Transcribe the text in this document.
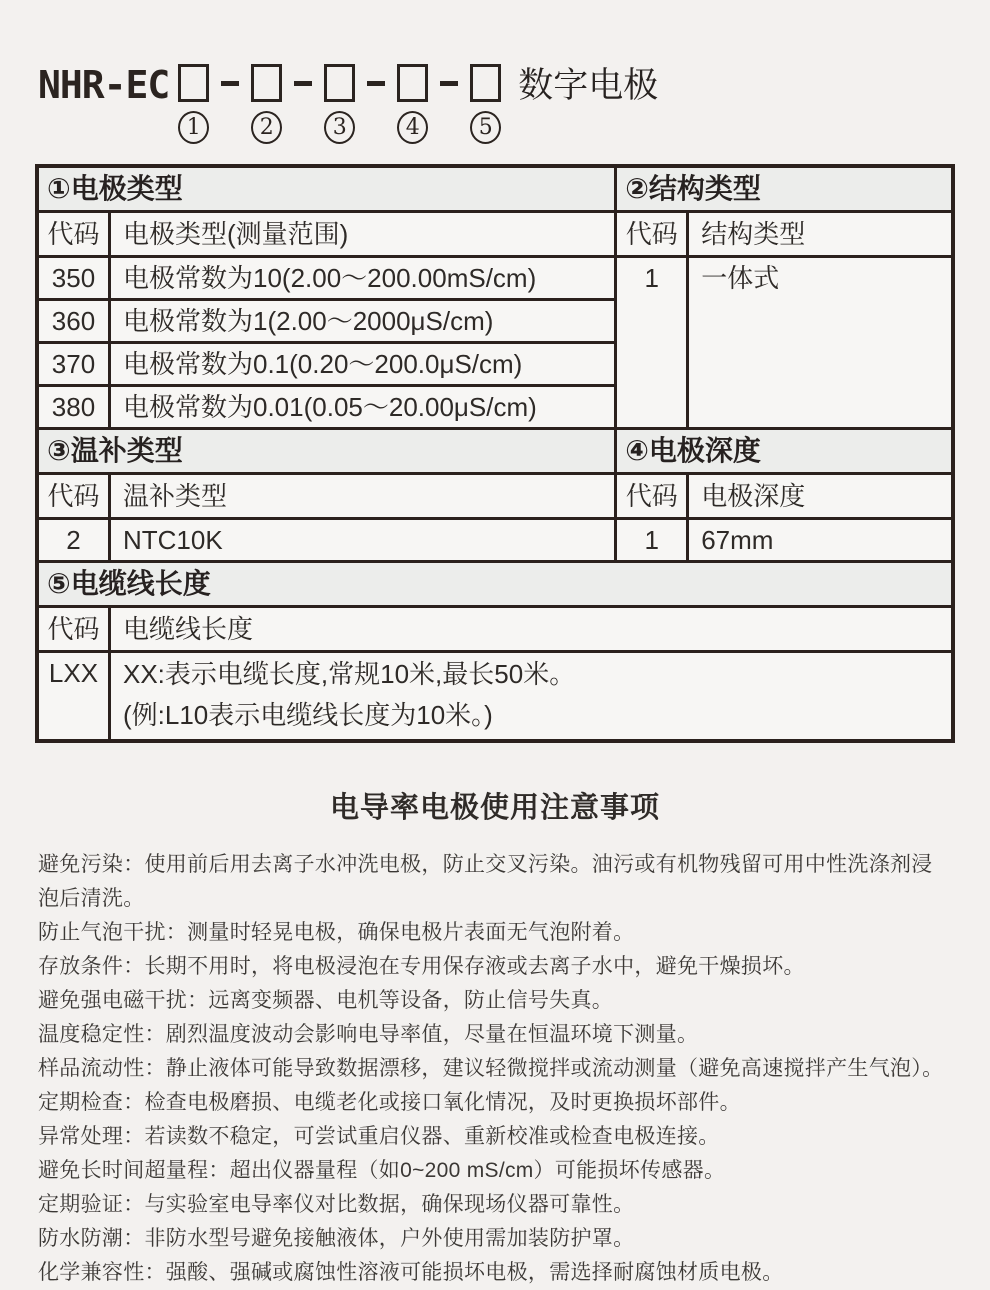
NHR-EC
1	2	3	4	5
数字电极
①电极类型
代码 电极类型(测量范围)
350	电极常数为10(2.00～200.00mS/cm)
360	电极常数为1(2.00～2000μS/cm)
370	电极常数为0.1(0.20～200.0μS/cm)
380	电极常数为0.01(0.05～20.00μS/cm)
②结构类型
代码 结构类型
1	一体式
③温补类型
代码 温补类型
2	NTC10K
④电极深度
代码 电极深度
1	67mm
⑤电缆线长度
代码 电缆线长度
LXX XX:表示电缆长度,常规10米,最长50米。
(例:L10表示电缆线长度为10米。)
电导率电极使用注意事项
避免污染：使用前后用去离子水冲洗电极，防止交叉污染。油污或有机物残留可用中性洗涤剂浸泡后清洗。
防止气泡干扰：测量时轻晃电极，确保电极片表面无气泡附着。
存放条件：长期不用时，将电极浸泡在专用保存液或去离子水中，避免干燥损坏。
避免强电磁干扰：远离变频器、电机等设备，防止信号失真。
温度稳定性：剧烈温度波动会影响电导率值，尽量在恒温环境下测量。
样品流动性：静止液体可能导致数据漂移，建议轻微搅拌或流动测量（避免高速搅拌产生气泡）。
定期检查：检查电极磨损、电缆老化或接口氧化情况，及时更换损坏部件。
异常处理：若读数不稳定，可尝试重启仪器、重新校准或检查电极连接。
避免长时间超量程：超出仪器量程（如0~200 mS/cm）可能损坏传感器。
定期验证：与实验室电导率仪对比数据，确保现场仪器可靠性。
防水防潮：非防水型号避免接触液体，户外使用需加装防护罩。
化学兼容性：强酸、强碱或腐蚀性溶液可能损坏电极，需选择耐腐蚀材质电极。
